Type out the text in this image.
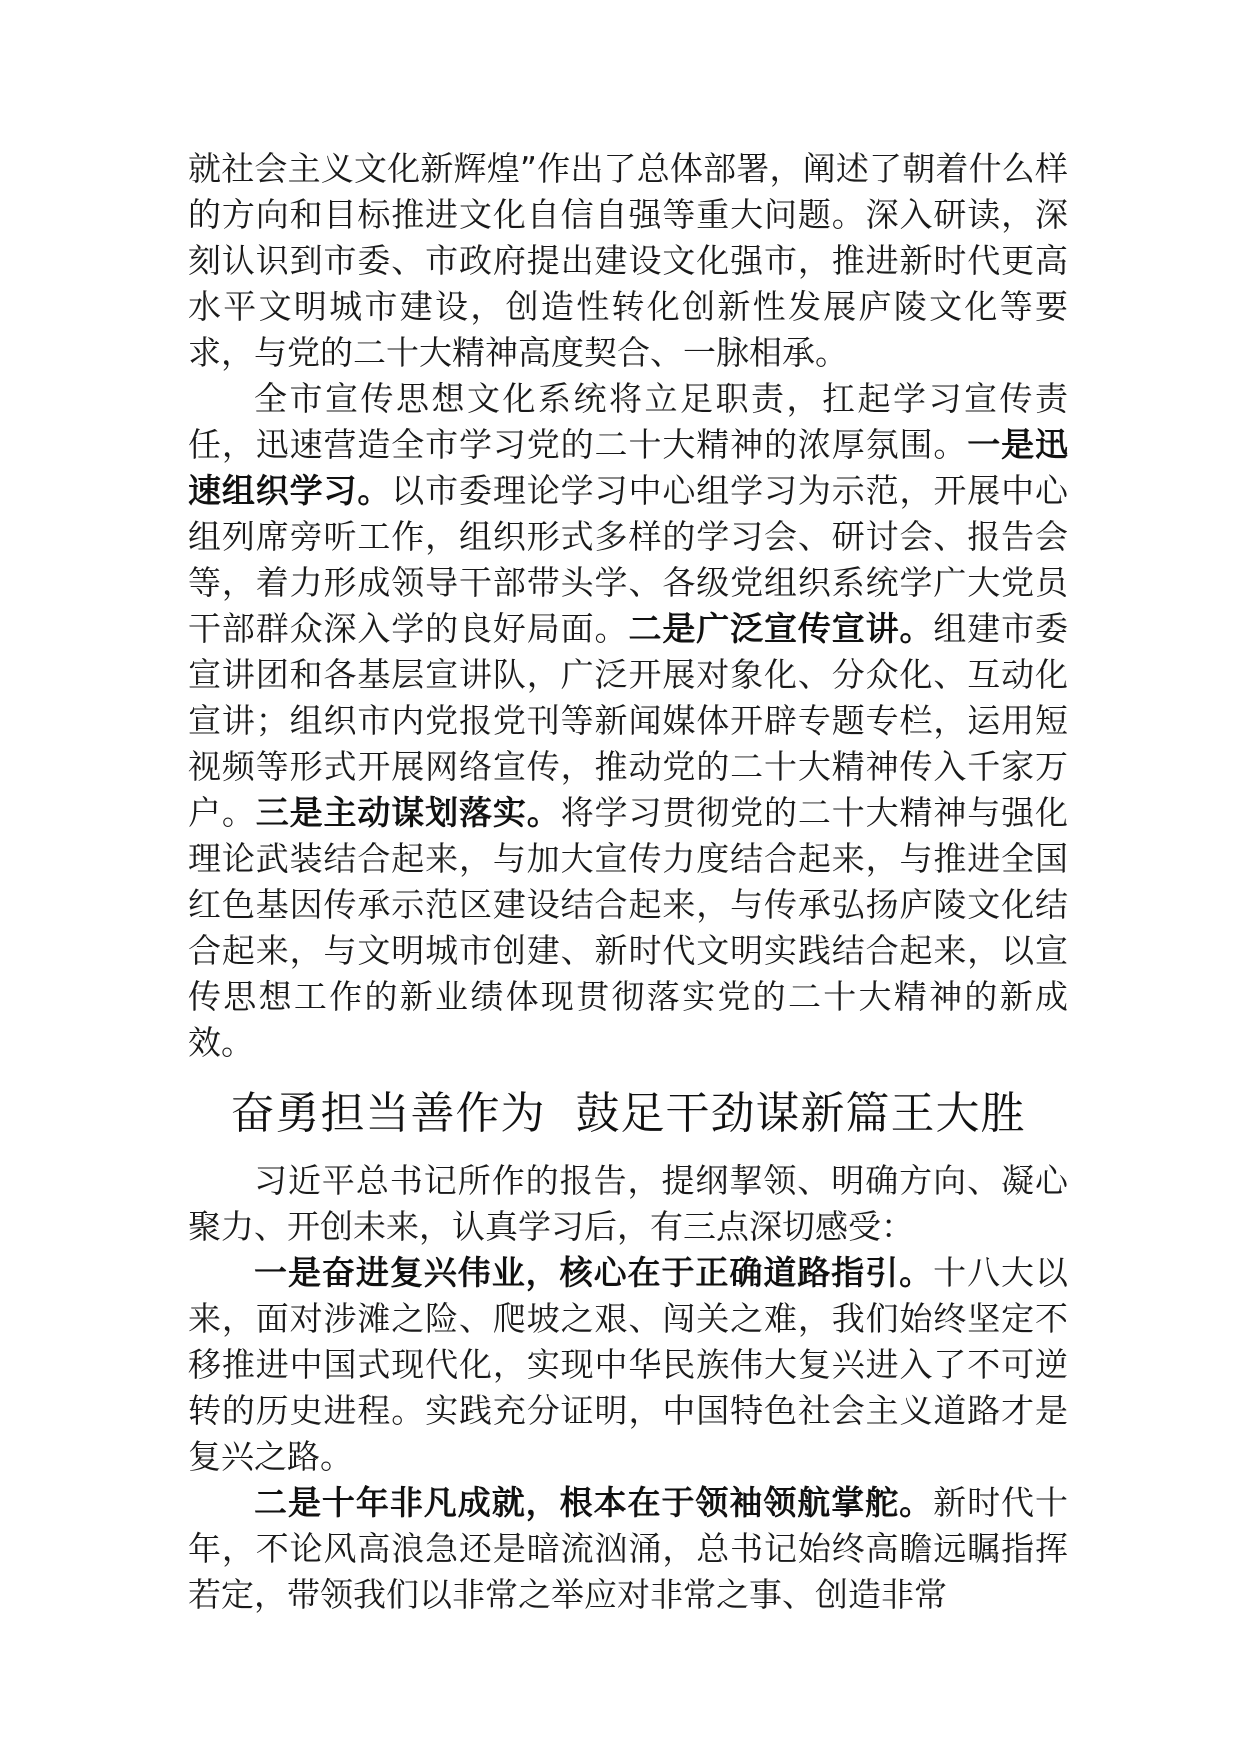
就社会主义文化新辉煌”作出了总体部署，阐述了朝着什么样的方向和目标推进文化自信自强等重大问题。深入研读，深刻认识到市委、市政府提出建设文化强市，推进新时代更高水平文明城市建设，创造性转化创新性发展庐陵文化等要求，与党的二十大精神高度契合、一脉相承。

全市宣传思想文化系统将立足职责，扛起学习宣传责任，迅速营造全市学习党的二十大精神的浓厚氛围。一是迅速组织学习。以市委理论学习中心组学习为示范，开展中心组列席旁听工作，组织形式多样的学习会、研讨会、报告会等，着力形成领导干部带头学、各级党组织系统学广大党员干部群众深入学的良好局面。二是广泛宣传宣讲。组建市委宣讲团和各基层宣讲队，广泛开展对象化、分众化、互动化宣讲；组织市内党报党刊等新闻媒体开辟专题专栏，运用短视频等形式开展网络宣传，推动党的二十大精神传入千家万户。三是主动谋划落实。将学习贯彻党的二十大精神与强化理论武装结合起来，与加大宣传力度结合起来，与推进全国红色基因传承示范区建设结合起来，与传承弘扬庐陵文化结合起来，与文明城市创建、新时代文明实践结合起来，以宣传思想工作的新业绩体现贯彻落实党的二十大精神的新成效。

奋勇担当善作为  鼓足干劲谋新篇王大胜

习近平总书记所作的报告，提纲挈领、明确方向、凝心聚力、开创未来，认真学习后，有三点深切感受：

一是奋进复兴伟业，核心在于正确道路指引。十八大以来，面对涉滩之险、爬坡之艰、闯关之难，我们始终坚定不移推进中国式现代化，实现中华民族伟大复兴进入了不可逆转的历史进程。实践充分证明，中国特色社会主义道路才是复兴之路。

二是十年非凡成就，根本在于领袖领航掌舵。新时代十年，不论风高浪急还是暗流汹涌，总书记始终高瞻远瞩指挥若定，带领我们以非常之举应对非常之事、创造非常
